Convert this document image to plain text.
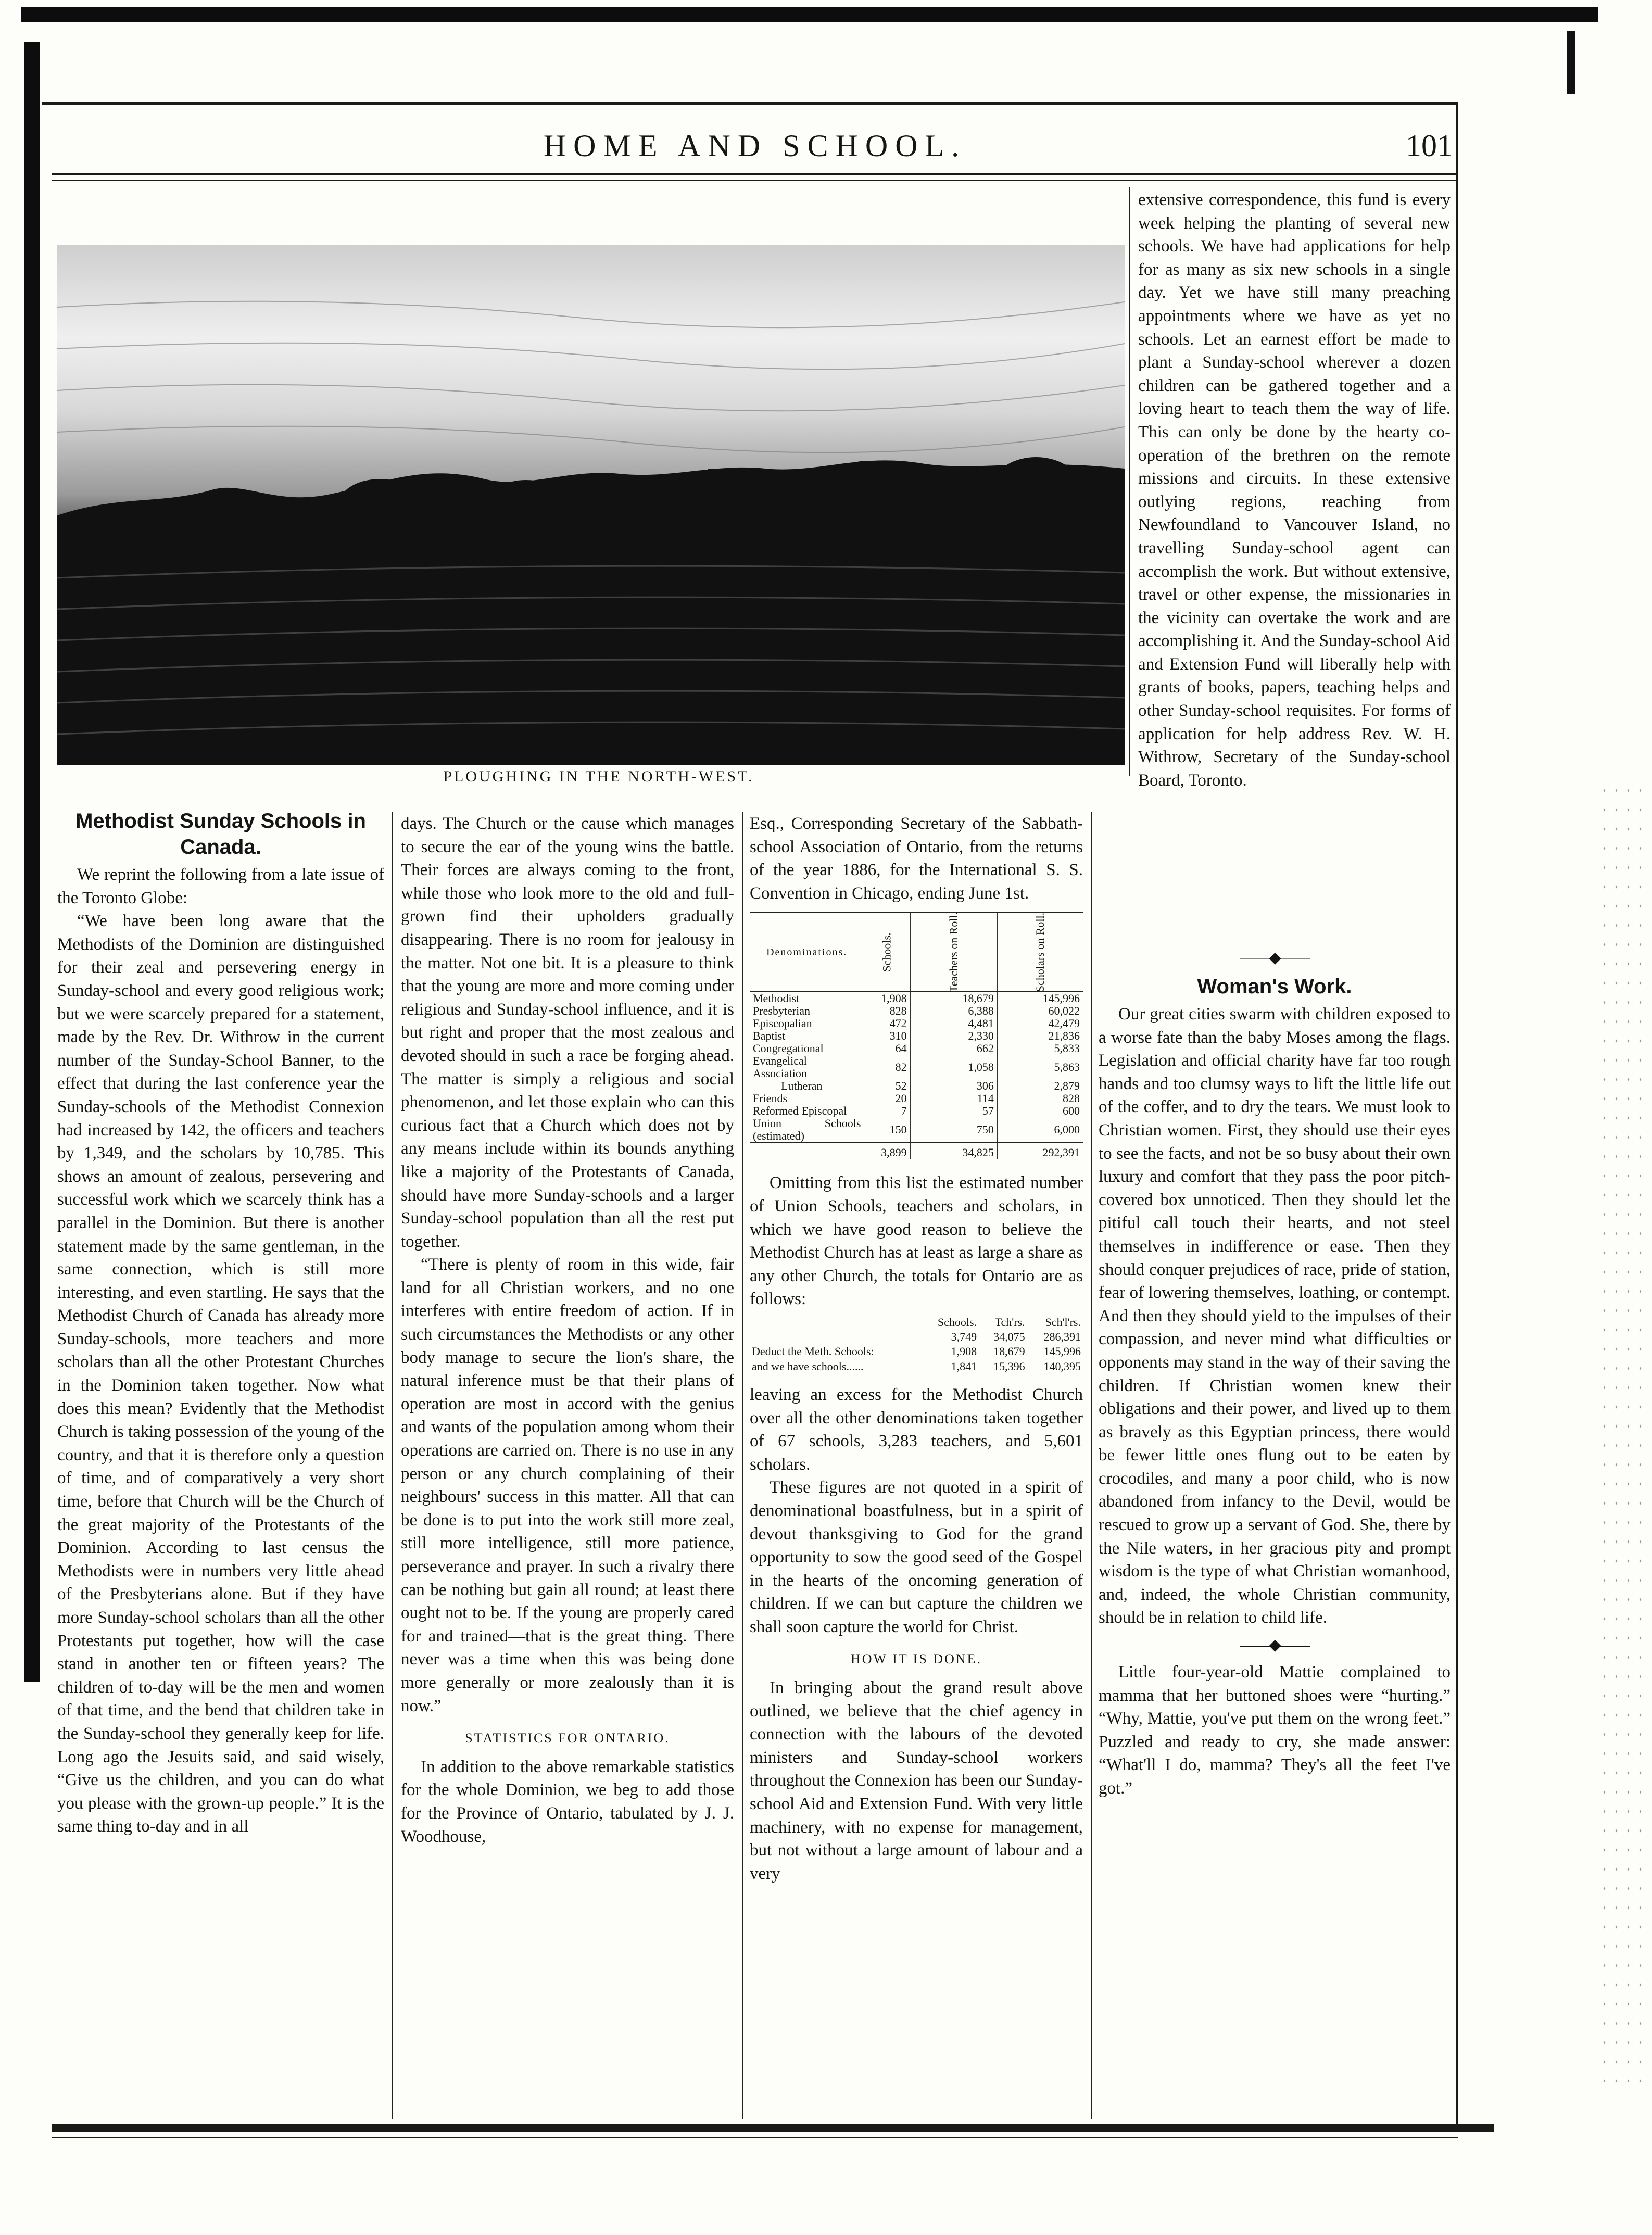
HOME AND SCHOOL.	101
PLOUGHING IN THE NORTH-WEST.
Methodist Sunday Schools in Canada.

We reprint the following from a late issue of the Toronto Globe:

“We have been long aware that the Methodists of the Dominion are distinguished for their zeal and persevering energy in Sunday-school and every good religious work; but we were scarcely prepared for a statement, made by the Rev. Dr. Withrow in the current number of the Sunday-School Banner, to the effect that during the last conference year the Sunday-schools of the Methodist Connexion had increased by 142, the officers and teachers by 1,349, and the scholars by 10,785. This shows an amount of zealous, persevering and successful work which we scarcely think has a parallel in the Dominion. But there is another statement made by the same gentleman, in the same connection, which is still more interesting, and even startling. He says that the Methodist Church of Canada has already more Sunday-schools, more teachers and more scholars than all the other Protestant Churches in the Dominion taken together. Now what does this mean? Evidently that the Methodist Church is taking possession of the young of the country, and that it is therefore only a question of time, and of comparatively a very short time, before that Church will be the Church of the great majority of the Protestants of the Dominion. According to last census the Methodists were in numbers very little ahead of the Presbyterians alone. But if they have more Sunday-school scholars than all the other Protestants put together, how will the case stand in another ten or fifteen years? The children of to-day will be the men and women of that time, and the bend that children take in the Sunday-school they generally keep for life. Long ago the Jesuits said, and said wisely, “Give us the children, and you can do what you please with the grown-up people.” It is the same thing to-day and in all

days. The Church or the cause which manages to secure the ear of the young wins the battle. Their forces are always coming to the front, while those who look more to the old and full-grown find their upholders gradually disappearing. There is no room for jealousy in the matter. Not one bit. It is a pleasure to think that the young are more and more coming under religious and Sunday-school influence, and it is but right and proper that the most zealous and devoted should in such a race be forging ahead. The matter is simply a religious and social phenomenon, and let those explain who can this curious fact that a Church which does not by any means include within its bounds anything like a majority of the Protestants of Canada, should have more Sunday-schools and a larger Sunday-school population than all the rest put together.

“There is plenty of room in this wide, fair land for all Christian workers, and no one interferes with entire freedom of action. If in such circumstances the Methodists or any other body manage to secure the lion's share, the natural inference must be that their plans of operation are most in accord with the genius and wants of the population among whom their operations are carried on. There is no use in any person or any church complaining of their neighbours' success in this matter. All that can be done is to put into the work still more zeal, still more intelligence, still more patience, perseverance and prayer. In such a rivalry there can be nothing but gain all round; at least there ought not to be. If the young are properly cared for and trained—that is the great thing. There never was a time when this was being done more generally or more zealously than it is now.”

STATISTICS FOR ONTARIO.

In addition to the above remarkable statistics for the whole Dominion, we beg to add those for the Province of Ontario, tabulated by J. J. Woodhouse,

Esq., Corresponding Secretary of the Sabbath-school Association of Ontario, from the returns of the year 1886, for the International S. S. Convention in Chicago, ending June 1st.

Denominations.	Schools.	Teachers on Roll.	Scholars on Roll.
Methodist	1,908	18,679	145,996
Presbyterian	828	6,388	60,022
Episcopalian	472	4,481	42,479
Baptist	310	2,330	21,836
Congregational	64	662	5,833
Evangelical Association	82	1,058	5,863
Lutheran	52	306	2,879
Friends	20	114	828
Reformed Episcopal	7	57	600
Union Schools (estimated)	150	750	6,000
	3,899	34,825	292,391

Omitting from this list the estimated number of Union Schools, teachers and scholars, in which we have good reason to believe the Methodist Church has at least as large a share as any other Church, the totals for Ontario are as follows:

	Schools.	Tch'rs.	Sch'l'rs.
	3,749	34,075	286,391
Deduct the Meth. Schools:	1,908	18,679	145,996
and we have schools......	1,841	15,396	140,395

leaving an excess for the Methodist Church over all the other denominations taken together of 67 schools, 3,283 teachers, and 5,601 scholars.

These figures are not quoted in a spirit of denominational boastfulness, but in a spirit of devout thanksgiving to God for the grand opportunity to sow the good seed of the Gospel in the hearts of the oncoming generation of children. If we can but capture the children we shall soon capture the world for Christ.

HOW IT IS DONE.

In bringing about the grand result above outlined, we believe that the chief agency in connection with the labours of the devoted ministers and Sunday-school workers throughout the Connexion has been our Sunday-school Aid and Extension Fund. With very little machinery, with no expense for management, but not without a large amount of labour and a very

extensive correspondence, this fund is every week helping the planting of several new schools. We have had applications for help for as many as six new schools in a single day. Yet we have still many preaching appointments where we have as yet no schools. Let an earnest effort be made to plant a Sunday-school wherever a dozen children can be gathered together and a loving heart to teach them the way of life. This can only be done by the hearty co-operation of the brethren on the remote missions and circuits. In these extensive outlying regions, reaching from Newfoundland to Vancouver Island, no travelling Sunday-school agent can accomplish the work. But without extensive, travel or other expense, the missionaries in the vicinity can overtake the work and are accomplishing it. And the Sunday-school Aid and Extension Fund will liberally help with grants of books, papers, teaching helps and other Sunday-school requisites. For forms of application for help address Rev. W. H. Withrow, Secretary of the Sunday-school Board, Toronto.

——◆——
Woman's Work.

Our great cities swarm with children exposed to a worse fate than the baby Moses among the flags. Legislation and official charity have far too rough hands and too clumsy ways to lift the little life out of the coffer, and to dry the tears. We must look to Christian women. First, they should use their eyes to see the facts, and not be so busy about their own luxury and comfort that they pass the poor pitch-covered box unnoticed. Then they should let the pitiful call touch their hearts, and not steel themselves in indifference or ease. Then they should conquer prejudices of race, pride of station, fear of lowering themselves, loathing, or contempt. And then they should yield to the impulses of their compassion, and never mind what difficulties or opponents may stand in the way of their saving the children. If Christian women knew their obligations and their power, and lived up to them as bravely as this Egyptian princess, there would be fewer little ones flung out to be eaten by crocodiles, and many a poor child, who is now abandoned from infancy to the Devil, would be rescued to grow up a servant of God. She, there by the Nile waters, in her gracious pity and prompt wisdom is the type of what Christian womanhood, and, indeed, the whole Christian community, should be in relation to child life.

——◆——

Little four-year-old Mattie complained to mamma that her buttoned shoes were “hurting.” “Why, Mattie, you've put them on the wrong feet.” Puzzled and ready to cry, she made answer: “What'll I do, mamma? They's all the feet I've got.”
